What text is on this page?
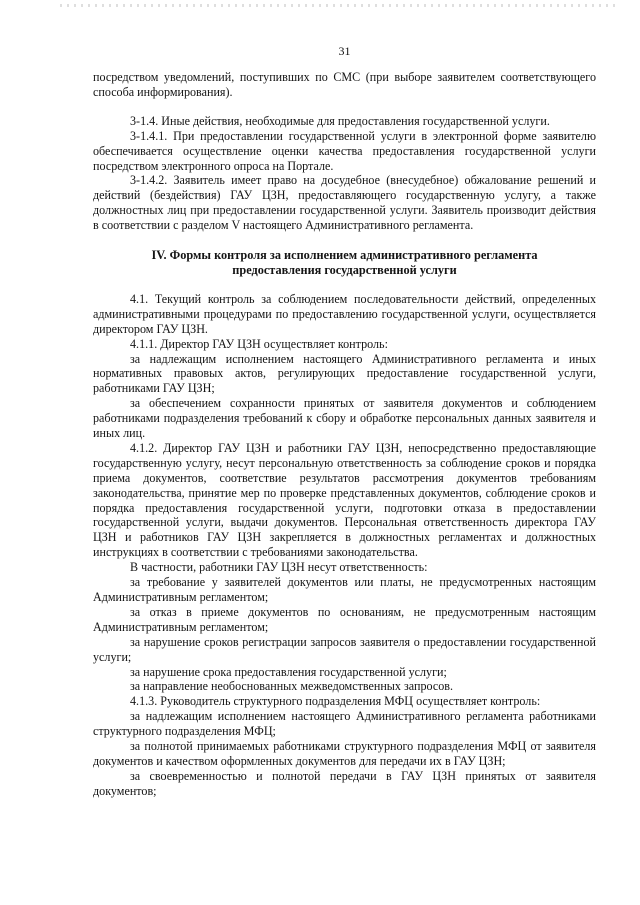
31

посредством уведомлений, поступивших по СМС (при выборе заявителем соответствующего способа информирования).

3-1.4. Иные действия, необходимые для предоставления государственной услуги.

3-1.4.1. При предоставлении государственной услуги в электронной форме заявителю обеспечивается осуществление оценки качества предоставления государственной услуги посредством электронного опроса на Портале.

3-1.4.2. Заявитель имеет право на досудебное (внесудебное) обжалование решений и действий (бездействия) ГАУ ЦЗН, предоставляющего государственную услугу, а также должностных лиц при предоставлении государственной услуги. Заявитель производит действия в соответствии с разделом V настоящего Административного регламента.

IV. Формы контроля за исполнением административного регламента предоставления государственной услуги

4.1. Текущий контроль за соблюдением последовательности действий, определенных административными процедурами по предоставлению государственной услуги, осуществляется директором ГАУ ЦЗН.

4.1.1. Директор ГАУ ЦЗН осуществляет контроль:

за надлежащим исполнением настоящего Административного регламента и иных нормативных правовых актов, регулирующих предоставление государственной услуги, работниками ГАУ ЦЗН;

за обеспечением сохранности принятых от заявителя документов и соблюдением работниками подразделения требований к сбору и обработке персональных данных заявителя и иных лиц.

4.1.2. Директор ГАУ ЦЗН и работники ГАУ ЦЗН, непосредственно предоставляющие государственную услугу, несут персональную ответственность за соблюдение сроков и порядка приема документов, соответствие результатов рассмотрения документов требованиям законодательства, принятие мер по проверке представленных документов, соблюдение сроков и порядка предоставления государственной услуги, подготовки отказа в предоставлении государственной услуги, выдачи документов. Персональная ответственность директора ГАУ ЦЗН и работников ГАУ ЦЗН закрепляется в должностных регламентах и должностных инструкциях в соответствии с требованиями законодательства.

В частности, работники ГАУ ЦЗН несут ответственность:

за требование у заявителей документов или платы, не предусмотренных настоящим Административным регламентом;

за отказ в приеме документов по основаниям, не предусмотренным настоящим Административным регламентом;

за нарушение сроков регистрации запросов заявителя о предоставлении государственной услуги;

за нарушение срока предоставления государственной услуги;

за направление необоснованных межведомственных запросов.

4.1.3. Руководитель структурного подразделения МФЦ осуществляет контроль:

за надлежащим исполнением настоящего Административного регламента работниками структурного подразделения МФЦ;

за полнотой принимаемых работниками структурного подразделения МФЦ от заявителя документов и качеством оформленных документов для передачи их в ГАУ ЦЗН;

за своевременностью и полнотой передачи в ГАУ ЦЗН принятых от заявителя документов;
